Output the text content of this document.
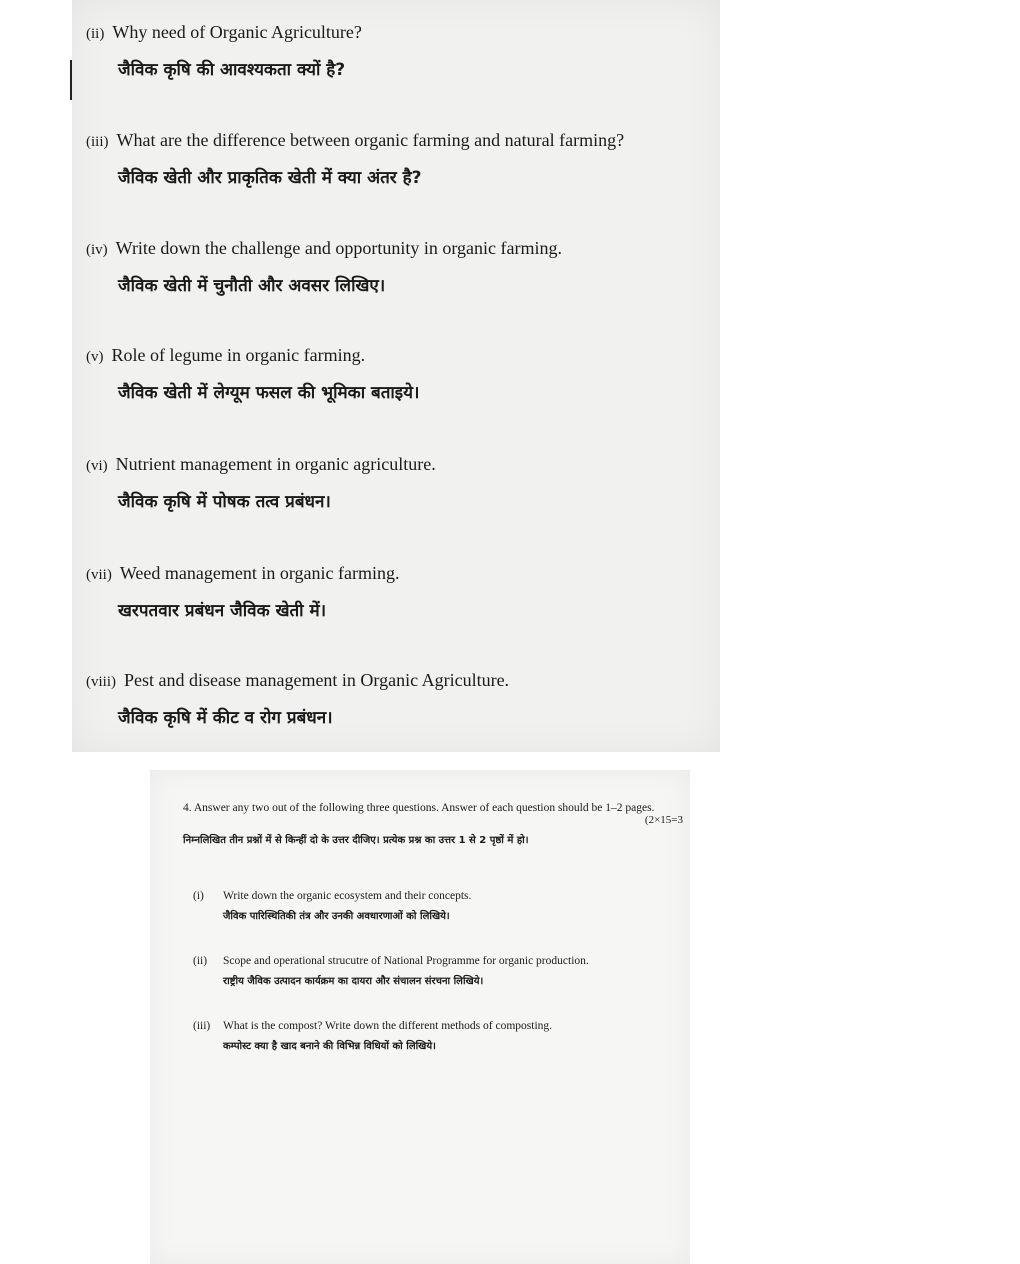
(ii) Why need of Organic Agriculture?
जैविक कृषि की आवश्यकता क्यों है?
(iii) What are the difference between organic farming and natural farming?
जैविक खेती और प्राकृतिक खेती में क्या अंतर है?
(iv) Write down the challenge and opportunity in organic farming.
जैविक खेती में चुनौती और अवसर लिखिए।
(v) Role of legume in organic farming.
जैविक खेती में लेग्यूम फसल की भूमिका बताइये।
(vi) Nutrient management in organic agriculture.
जैविक कृषि में पोषक तत्व प्रबंधन।
(vii) Weed management in organic farming.
खरपतवार प्रबंधन जैविक खेती में।
(viii) Pest and disease management in Organic Agriculture.
जैविक कृषि में कीट व रोग प्रबंधन।
4. Answer any two out of the following three questions. Answer of each question should be 1–2 pages.
(2×15=3
निम्नलिखित तीन प्रश्नों में से किन्हीं दो के उत्तर दीजिए। प्रत्येक प्रश्न का उत्तर 1 से 2 पृष्ठों में हो।
(i) Write down the organic ecosystem and their concepts.
जैविक पारिस्थितिकी तंत्र और उनकी अवधारणाओं को लिखिये।
(ii) Scope and operational strucutre of National Programme for organic production.
राष्ट्रीय जैविक उत्पादन कार्यक्रम का दायरा और संचालन संरचना लिखिये।
(iii) What is the compost? Write down the different methods of composting.
कम्पोस्ट क्या है खाद बनाने की विभिन्न विधियों को लिखिये।
